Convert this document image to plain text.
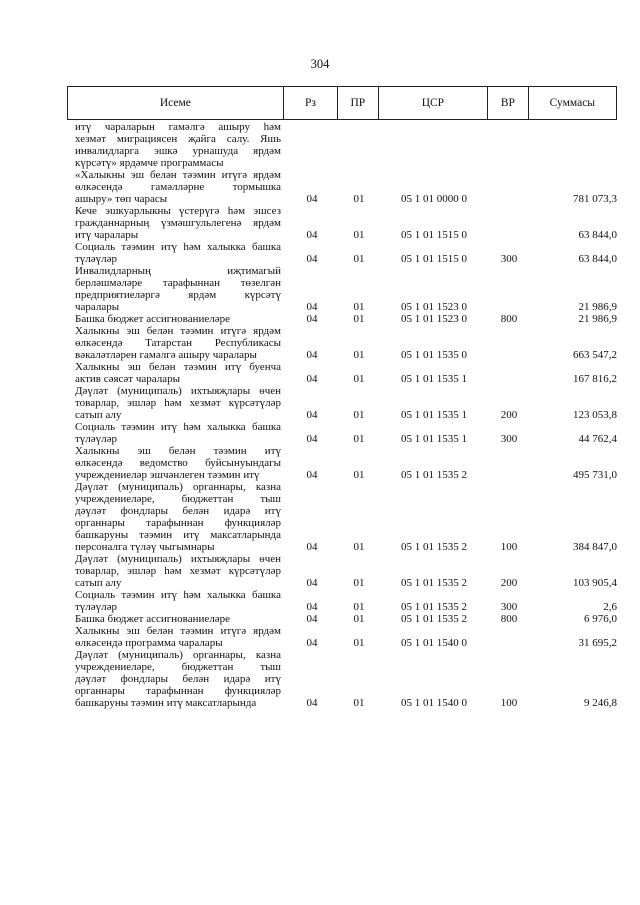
304
Исеме	Рз	ПР	ЦСР	ВР	Суммасы
итү чараларын гамәлгә ашыру һәм
хезмәт миграциясен җайга салу. Яшь
инвалидларга эшкә урнашуда ярдәм
күрсәтү» ярдәмче программасы
«Халыкны эш белән тәэмин итүгә ярдәм
өлкәсендә гамәлләрне тормышка
ашыру» төп чарасы	04	01	05 1 01 0000 0	781 073,3
Кече эшкуарлыкны үстерүгә һәм эшсез
гражданнарның үзмәшгульлегенә ярдәм
итү чаралары	04	01	05 1 01 1515 0	63 844,0
Социаль тәэмин итү һәм халыкка башка
түләүләр	04	01	05 1 01 1515 0	300	63 844,0
Инвалидларның иҗтимагый
берләшмәләре тарафыннан төзелгән
предприятиеләргә ярдәм күрсәтү
чаралары	04	01	05 1 01 1523 0	21 986,9
Башка бюджет ассигнованиеләре	04	01	05 1 01 1523 0	800	21 986,9
Халыкны эш белән тәэмин итүгә ярдәм
өлкәсендә Татарстан Республикасы
вәкаләтләрен гамәлгә ашыру чаралары	04	01	05 1 01 1535 0	663 547,2
Халыкны эш белән тәэмин итү буенча
актив сәясәт чаралары	04	01	05 1 01 1535 1	167 816,2
Дәүләт (муниципаль) ихтыяҗлары өчен
товарлар, эшләр һәм хезмәт күрсәтүләр
сатып алу	04	01	05 1 01 1535 1	200	123 053,8
Социаль тәэмин итү һәм халыкка башка
түләүләр	04	01	05 1 01 1535 1	300	44 762,4
Халыкны эш белән тәэмин итү
өлкәсендә ведомство буйсынуындагы
учреждениеләр эшчәнлеген тәэмин итү	04	01	05 1 01 1535 2	495 731,0
Дәүләт (муниципаль) органнары, казна
учреждениеләре, бюджеттан тыш
дәүләт фондлары белән идарә итү
органнары тарафыннан функцияләр
башкаруны тәэмин итү максатларында
персоналга түләү чыгымнары	04	01	05 1 01 1535 2	100	384 847,0
Дәүләт (муниципаль) ихтыяҗлары өчен
товарлар, эшләр һәм хезмәт күрсәтүләр
сатып алу	04	01	05 1 01 1535 2	200	103 905,4
Социаль тәэмин итү һәм халыкка башка
түләүләр	04	01	05 1 01 1535 2	300	2,6
Башка бюджет ассигнованиеләре	04	01	05 1 01 1535 2	800	6 976,0
Халыкны эш белән тәэмин итүгә ярдәм
өлкәсендә программа чаралары	04	01	05 1 01 1540 0	31 695,2
Дәүләт (муниципаль) органнары, казна
учреждениеләре, бюджеттан тыш
дәүләт фондлары белән идарә итү
органнары тарафыннан функцияләр
башкаруны тәэмин итү максатларында	04	01	05 1 01 1540 0	100	9 246,8
